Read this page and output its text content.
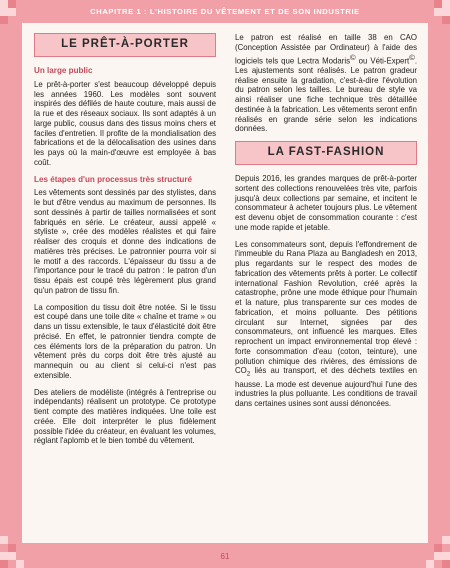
CHAPITRE 1 : L'HISTOIRE DU VÊTEMENT ET DE SON INDUSTRIE
LE PRÊT-À-PORTER
Un large public

Le prêt-à-porter s'est beaucoup développé depuis les années 1960. Les modèles sont souvent inspirés des défilés de haute couture, mais aussi de la rue et des réseaux sociaux. Ils sont adaptés à un large public, cousus dans des tissus moins chers et faciles d'entretien. Il profite de la mondialisation des fabrications et de la délocalisation des usines dans les pays où la main-d'œuvre est employée à bas coût.

Les étapes d'un processus très structuré

Les vêtements sont dessinés par des stylistes, dans le but d'être vendus au maximum de personnes. Ils sont dessinés à partir de tailles normalisées et sont fabriqués en série. Le créateur, aussi appelé « styliste », crée des modèles réalistes et qui faire réaliser des croquis et donne des indications de matières très précises. Le patronnier pourra voir si le motif a des raccords. L'épaisseur du tissu a de l'importance pour le tracé du patron : le patron d'un tissu épais est coupé très légèrement plus grand qu'un patron de tissu fin.

La composition du tissu doit être notée. Si le tissu est coupé dans une toile dite « chaîne et trame » ou dans un tissu extensible, le taux d'élasticité doit être précisé. En effet, le patronnier tiendra compte de ces éléments lors de la préparation du patron. Un vêtement près du corps doit être très ajusté au mannequin ou au client si celui-ci n'est pas extensible.

Des ateliers de modéliste (intégrés à l'entreprise ou indépendants) réalisent un prototype. Ce prototype tient compte des matières indiquées. Une toile est créée. Elle doit interpréter le plus fidèlement possible l'idée du créateur, en évaluant les volumes, réglant l'aplomb et le bien tombé du vêtement.

Le patron est réalisé en taille 38 en CAO (Conception Assistée par Ordinateur) à l'aide des logiciels tels que Lectra Modaris© ou Véti-Expert©. Les ajustements sont réalisés. Le patron gradeur réalise ensuite la gradation, c'est-à-dire l'évolution du patron selon les tailles. Le bureau de style va ainsi réaliser une fiche technique très détaillée destinée à la fabrication. Les vêtements seront enfin réalisés en grande série selon les indications données.

LA FAST-FASHION

Depuis 2016, les grandes marques de prêt-à-porter sortent des collections renouvelées très vite, parfois jusqu'à deux collections par semaine, et incitent le consommateur à acheter toujours plus. Le vêtement est devenu objet de consommation courante : c'est une mode rapide et jetable.

Les consommateurs sont, depuis l'effondrement de l'immeuble du Rana Plaza au Bangladesh en 2013, plus regardants sur le respect des modes de fabrication des vêtements prêts à porter. Le collectif international Fashion Revolution, créé après la catastrophe, prône une mode éthique pour l'humain et la nature, plus transparente sur ces modes de fabrication, et moins polluante. Des pétitions circulant sur Internet, signées par des consommateurs, ont influencé les marques. Elles reprochent un impact environnemental trop élevé : forte consommation d'eau (coton, teinture), une pollution chimique des rivières, des émissions de $CO_2$ liés au transport, et des déchets textiles en hausse. La mode est devenue aujourd'hui l'une des industries la plus polluante. Les conditions de travail dans certaines usines sont aussi dénoncées.

61
